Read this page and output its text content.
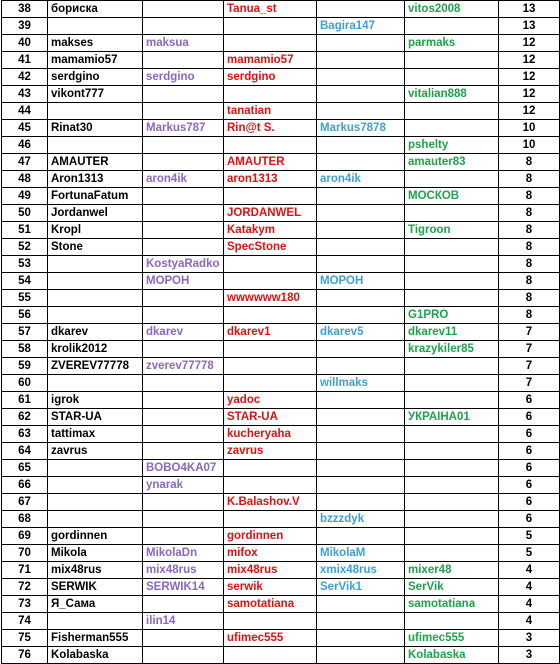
38	бориска		Tanua_st		vitos2008	13
39				Bagira147		13
40	makses	maksua			parmaks	12
41	mamamio57		mamamio57			12
42	serdgino	serdgino	serdgino			12
43	vikont777				vitalian888	12
44			tanatian			12
45	Rinat30	Markus787	Rin@t S.	Markus7878		10
46					pshelty	10
47	AMAUTER		AMAUTER		amauter83	8
48	Aron1313	aron4ik	aron1313	aron4ik		8
49	FortunaFatum				МОСКОВ	8
50	Jordanwel		JORDANWEL			8
51	Kropl		Katakym		Tigroon	8
52	Stone		SpecStone			8
53		KostyaRadko				8
54		МОРОН		МОРОН		8
55			wwwwww180			8
56					G1PRO	8
57	dkarev	dkarev	dkarev1	dkarev5	dkarev11	7
58	krolik2012				krazykiler85	7
59	ZVEREV77778	zverev77778				7
60				willmaks		7
61	igrok		yadoc			6
62	STAR-UA		STAR-UA		УКРАІНА01	6
63	tattimax		kucheryaha			6
64	zavrus		zavrus			6
65		BOBO4KA07				6
66		ynarak				6
67			K.Balashov.V			6
68				bzzzdyk		6
69	gordinnen		gordinnen			5
70	Mikola	MikolaDn	mifox	MikolaM		5
71	mix48rus	mix48rus	mix48rus	xmix48rus	mixer48	4
72	SERWIK	SERWIK14	serwik	SerVik1	SerVik	4
73	Я_Сама		samotatiana		samotatiana	4
74		ilin14				4
75	Fisherman555		ufimec555		ufimec555	3
76	Kolabaska				Kolabaska	3
